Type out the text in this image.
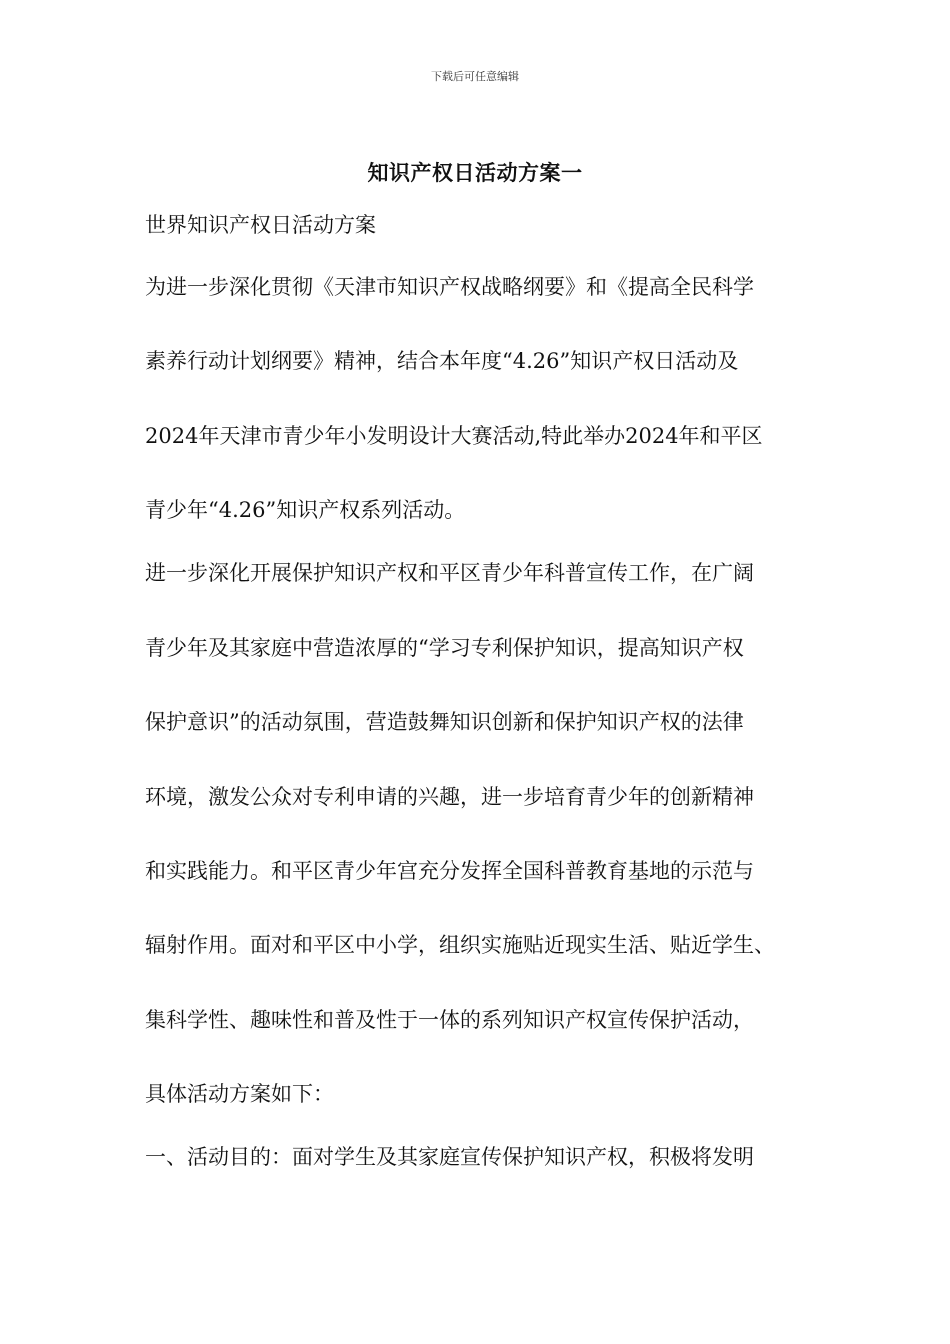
下载后可任意编辑
知识产权日活动方案一
世界知识产权日活动方案
为进一步深化贯彻《天津市知识产权战略纲要》和《提高全民科学
素养行动计划纲要》精神，结合本年度“4.26”知识产权日活动及
2024年天津市青少年小发明设计大赛活动,特此举办2024年和平区
青少年“4.26”知识产权系列活动。
进一步深化开展保护知识产权和平区青少年科普宣传工作，在广阔
青少年及其家庭中营造浓厚的“学习专利保护知识，提高知识产权
保护意识”的活动氛围，营造鼓舞知识创新和保护知识产权的法律
环境，激发公众对专利申请的兴趣，进一步培育青少年的创新精神
和实践能力。和平区青少年宫充分发挥全国科普教育基地的示范与
辐射作用。面对和平区中小学，组织实施贴近现实生活、贴近学生、
集科学性、趣味性和普及性于一体的系列知识产权宣传保护活动，
具体活动方案如下：
一、活动目的：面对学生及其家庭宣传保护知识产权，积极将发明
